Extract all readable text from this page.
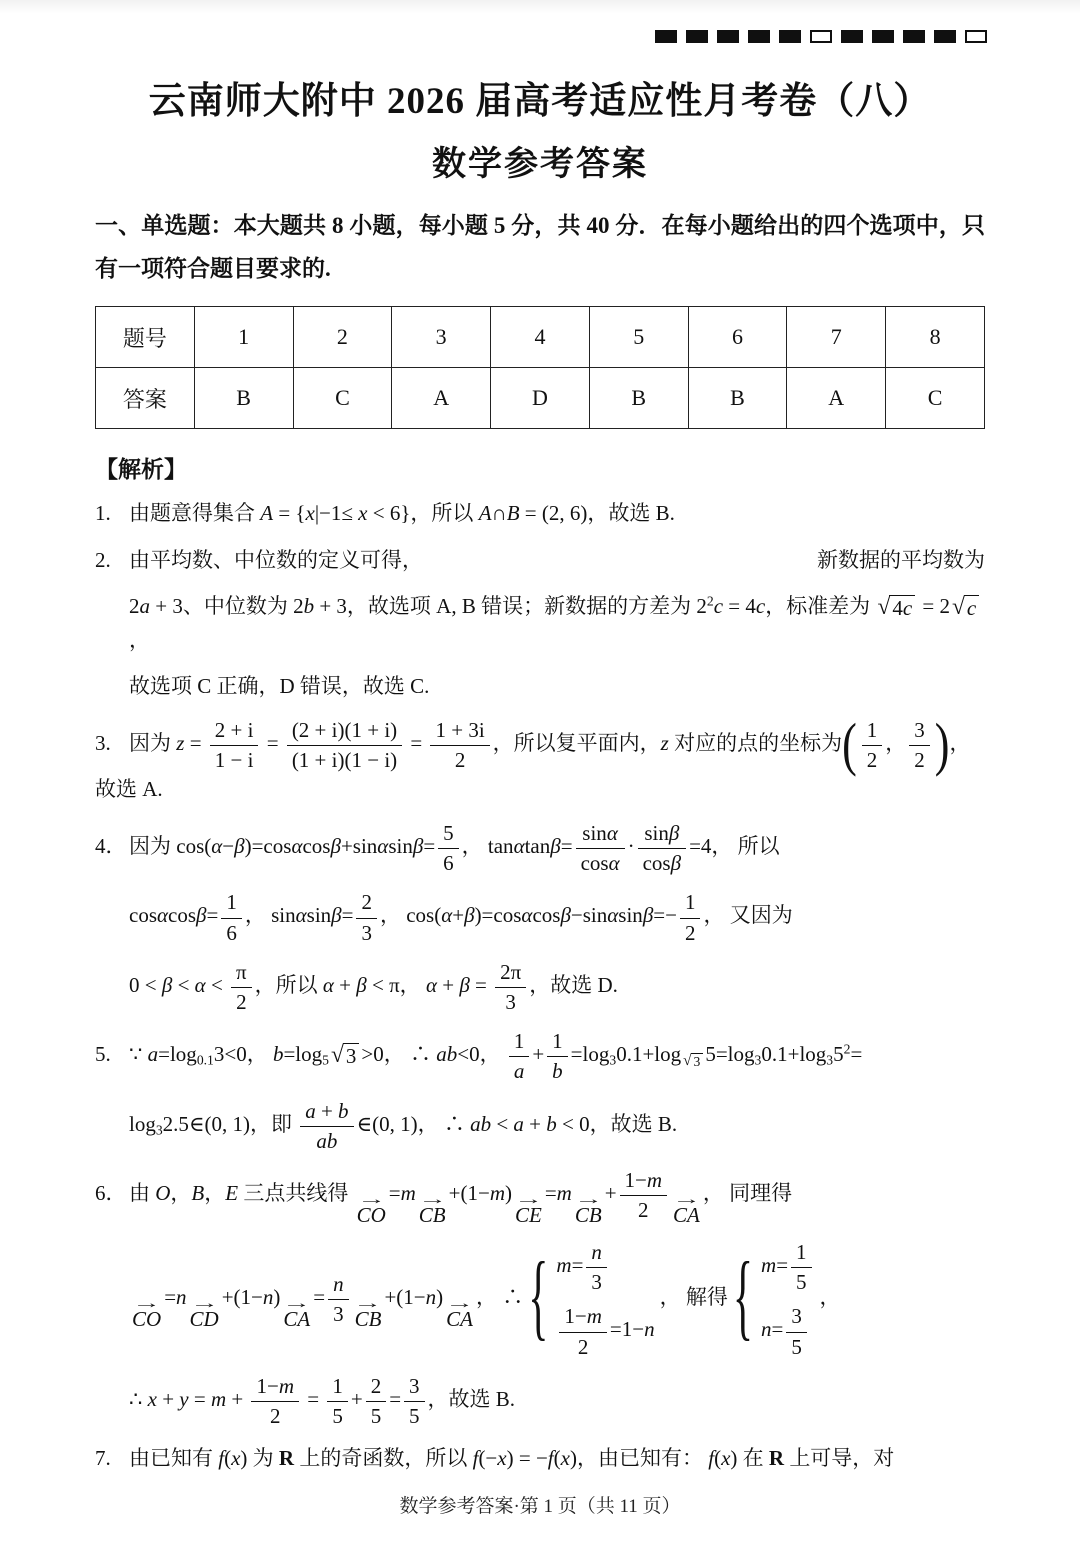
云南师大附中 2026 届高考适应性月考卷（八）
数学参考答案

一、单选题：本大题共 8 小题，每小题 5 分，共 40 分．在每小题给出的四个选项中，只有一项符合题目要求的.

题号	1	2	3	4	5	6	7	8
答案	B	C	A	D	B	B	A	C

【解析】

1. 由题意得集合 A = {x|−1≤ x < 6}，所以 A∩B = (2, 6)，故选 B.
2. 由平均数、中位数的定义可得，	新数据的平均数为
2a + 3、中位数为 2b + 3，故选项 A, B 错误；新数据的方差为 $2^2c = 4c$，标准差为 √ 4c = 2 √ c
，
故选项 C 正确，D 错误，故选 C.
3. 因为 $z = \frac{2 + i}{1 - i} = \frac{(2 + i)(1 + i)}{(1 + i)(1 - i)} = \frac{1 + 3i}{2}$ ，所以复平面内，z 对应的点的坐标为 ( $\frac{1}{2}$ ， $\frac{3}{2}$ ) ，故选 A.
4． 因为 $\cos(\alpha-\beta)=\cos\alpha\cos\beta+\sin\alpha\sin\beta= \frac{5}{6}$ ， $\tan\alpha\tan\beta= \frac{\sin\alpha}{\cos\alpha} \cdot \frac{\sin\beta}{\cos\beta} =4$， 所以
$\cos\alpha\cos\beta= \frac{1}{6}$ ， $\sin\alpha\sin\beta= \frac{2}{3}$ ， $\cos(\alpha+\beta)=\cos\alpha\cos\beta-\sin\alpha\sin\beta=- \frac{1}{2}$ ， 又因为
$0 < \beta < \alpha < \frac{\pi}{2}$ ，所以 α + β < π， $\alpha + \beta = \frac{2\pi}{3}$ ，故选 D.
5. ∵ a=log0.13<0， b=log5 √ 3 >0， ∴ ab<0， $\frac{1}{a} + \frac{1}{b} =\log 30.1+\log$ √ 3 $5=\log 30.1+\log 35^2=$
log32.5∈(0, 1)，即 $\frac{a + b}{ab}$ ∈(0, 1)， ∴ ab < a + b < 0，故选 B.
6． 由 O，B，E 三点共线得 →
CO
=m →
CB
+(1−m) →
CE
=m →
CB
+ $\frac{1-m}{2}$ →
CA
， 同理得
→
CO
=n →
CD
+(1−n) →
CA
= $\frac{n}{3}$ →
CB
+(1−n) →
CA
， ∴ { $m= \frac{n}{3}$
$\frac{1-m}{2} =1-n$
， 解得 { $m= \frac{1}{5}$
$n= \frac{3}{5}$
，
∴ $x + y = m + \frac{1-m}{2} = \frac{1}{5} + \frac{2}{5} = \frac{3}{5}$ ，故选 B.
7. 由已知有 f(x) 为 R 上的奇函数，所以 f(−x) = −f(x)，由已知有： f(x) 在 R 上可导，对

数学参考答案·第 1 页（共 11 页）
